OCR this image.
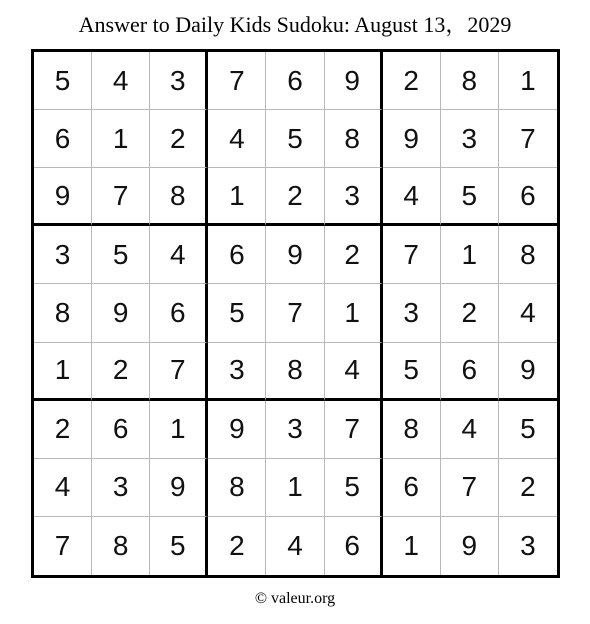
Answer to Daily Kids Sudoku: August 13，2029
5	4	3	7	6	9	2	8	1
6	1	2	4	5	8	9	3	7
9	7	8	1	2	3	4	5	6
3	5	4	6	9	2	7	1	8
8	9	6	5	7	1	3	2	4
1	2	7	3	8	4	5	6	9
2	6	1	9	3	7	8	4	5
4	3	9	8	1	5	6	7	2
7	8	5	2	4	6	1	9	3
© valeur.org
